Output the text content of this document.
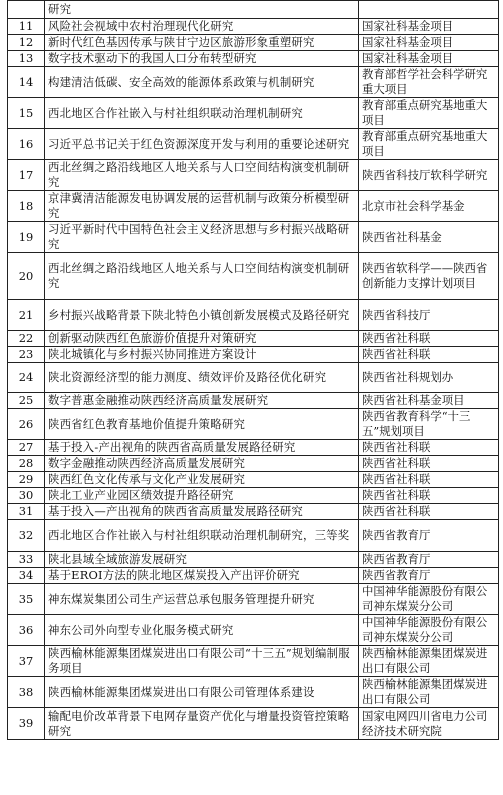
	研究	
11	风险社会视域中农村治理现代化研究	国家社科基金项目
12	新时代红色基因传承与陕甘宁边区旅游形象重塑研究	国家社科基金项目
13	数字技术驱动下的我国人口分布转型研究	国家社科基金项目
14	构建清洁低碳、安全高效的能源体系政策与机制研究	教育部哲学社会科学研究重大项目
15	西北地区合作社嵌入与村社组织联动治理机制研究	教育部重点研究基地重大项目
16	习近平总书记关于红色资源深度开发与利用的重要论述研究	教育部重点研究基地重大项目
17	西北丝绸之路沿线地区人地关系与人口空间结构演变机制研究	陕西省科技厅软科学研究
18	京津冀清洁能源发电协调发展的运营机制与政策分析模型研究	北京市社会科学基金
19	习近平新时代中国特色社会主义经济思想与乡村振兴战略研究	陕西省社科基金
20	西北丝绸之路沿线地区人地关系与人口空间结构演变机制研究	陕西省软科学——陕西省创新能力支撑计划项目
21	乡村振兴战略背景下陕北特色小镇创新发展模式及路径研究	陕西省科技厅
22	创新驱动陕西红色旅游价值提升对策研究	陕西省社科联
23	陕北城镇化与乡村振兴协同推进方案设计	陕西省社科联
24	陕北资源经济型的能力测度、绩效评价及路径优化研究	陕西省社科规划办
25	数字普惠金融推动陕西经济高质量发展研究	陕西省社科基金项目
26	陕西省红色教育基地价值提升策略研究	陕西省教育科学“十三五”规划项目
27	基于投入-产出视角的陕西省高质量发展路径研究	陕西省社科联
28	数字金融推动陕西经济高质量发展研究	陕西省社科联
29	陕西红色文化传承与文化产业发展研究	陕西省社科联
30	陕北工业产业园区绩效提升路径研究	陕西省社科联
31	基于投入—产出视角的陕西省高质量发展路径研究	陕西省社科联
32	西北地区合作社嵌入与村社组织联动治理机制研究，三等奖	陕西省教育厅
33	陕北县域全域旅游发展研究	陕西省教育厅
34	基于EROI方法的陕北地区煤炭投入产出评价研究	陕西省教育厅
35	神东煤炭集团公司生产运营总承包服务管理提升研究	中国神华能源股份有限公司神东煤炭分公司
36	神东公司外向型专业化服务模式研究	中国神华能源股份有限公司神东煤炭分公司
37	陕西榆林能源集团煤炭进出口有限公司“十三五”规划编制服务项目	陕西榆林能源集团煤炭进出口有限公司
38	陕西榆林能源集团煤炭进出口有限公司管理体系建设	陕西榆林能源集团煤炭进出口有限公司
39	输配电价改革背景下电网存量资产优化与增量投资管控策略研究	国家电网四川省电力公司经济技术研究院
